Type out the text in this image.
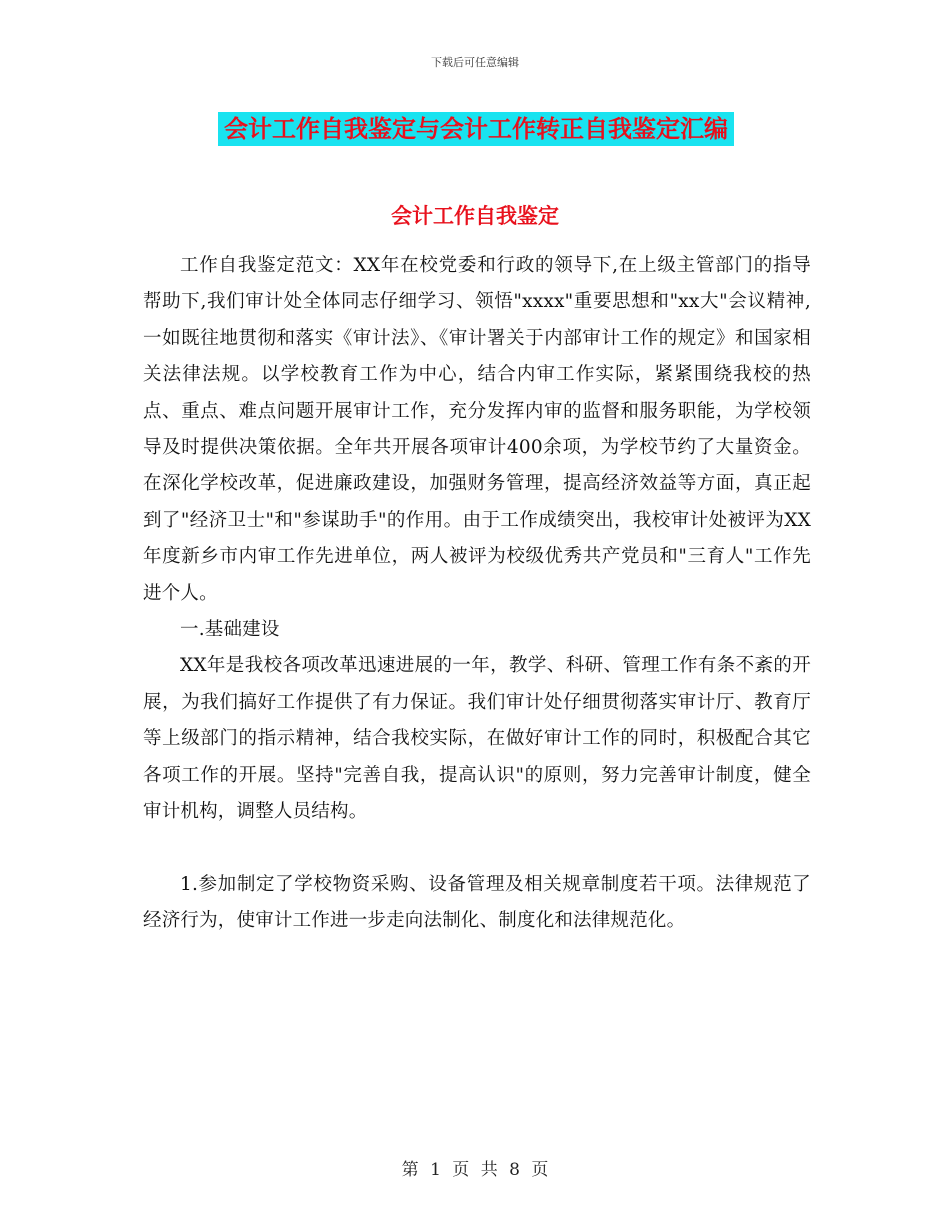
下载后可任意编辑
会计工作自我鉴定与会计工作转正自我鉴定汇编
会计工作自我鉴定

工作自我鉴定范文：XX年在校党委和行政的领导下,在上级主管部门的指导帮助下,我们审计处全体同志仔细学习、领悟"xxxx"重要思想和"xx大"会议精神,一如既往地贯彻和落实《审计法》、《审计署关于内部审计工作的规定》和国家相关法律法规。以学校教育工作为中心，结合内审工作实际，紧紧围绕我校的热点、重点、难点问题开展审计工作，充分发挥内审的监督和服务职能，为学校领导及时提供决策依据。全年共开展各项审计400余项，为学校节约了大量资金。在深化学校改革，促进廉政建设，加强财务管理，提高经济效益等方面，真正起到了"经济卫士"和"参谋助手"的作用。由于工作成绩突出，我校审计处被评为XX年度新乡市内审工作先进单位，两人被评为校级优秀共产党员和"三育人"工作先进个人。

一.基础建设

XX年是我校各项改革迅速进展的一年，教学、科研、管理工作有条不紊的开展，为我们搞好工作提供了有力保证。我们审计处仔细贯彻落实审计厅、教育厅等上级部门的指示精神，结合我校实际，在做好审计工作的同时，积极配合其它各项工作的开展。坚持"完善自我，提高认识"的原则，努力完善审计制度，健全审计机构，调整人员结构。

1.参加制定了学校物资采购、设备管理及相关规章制度若干项。法律规范了经济行为，使审计工作进一步走向法制化、制度化和法律规范化。

第 1 页 共 8 页
